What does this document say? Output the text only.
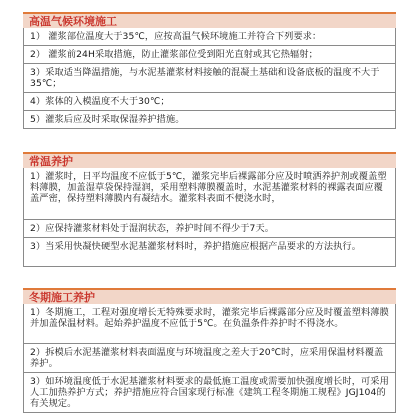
高温气候环境施工
1） 灌浆部位温度大于35℃，应按高温气候环境施工并符合下列要求：
2） 灌浆前24H采取措施，防止灌浆部位受到阳光直射或其它热辐射；
3）采取适当降温措施，与水泥基灌浆材料接触的混凝土基础和设备底板的温度不大于35℃；
4）浆体的入模温度不大于30℃；
5）灌浆后应及时采取保湿养护措施。
常温养护
1）灌浆时，日平均温度不应低于5℃，灌浆完毕后裸露部分应及时喷洒养护剂或覆盖塑料薄膜，加盖湿草袋保持湿润，采用塑料薄膜覆盖时，水泥基灌浆材料的裸露表面应覆盖严密，保持塑料薄膜内有凝结水。灌浆料表面不便浇水时，
2）应保持灌浆材料处于湿润状态，养护时间不得少于7天。
3）当采用快凝快硬型水泥基灌浆材料时，养护措施应根据产品要求的方法执行。
冬期施工养护
1）冬期施工，工程对强度增长无特殊要求时，灌浆完毕后裸露部分应及时覆盖塑料薄膜并加盖保温材料。起始养护温度不应低于5℃。在负温条件养护时不得浇水。
2）拆模后水泥基灌浆材料表面温度与环境温度之差大于20℃时，应采用保温材料覆盖养护。
3）如环境温度低于水泥基灌浆材料要求的最低施工温度或需要加快强度增长时，可采用人工加热养护方式；养护措施应符合国家现行标准《建筑工程冬期施工规程》JGJ104的有关规定。
